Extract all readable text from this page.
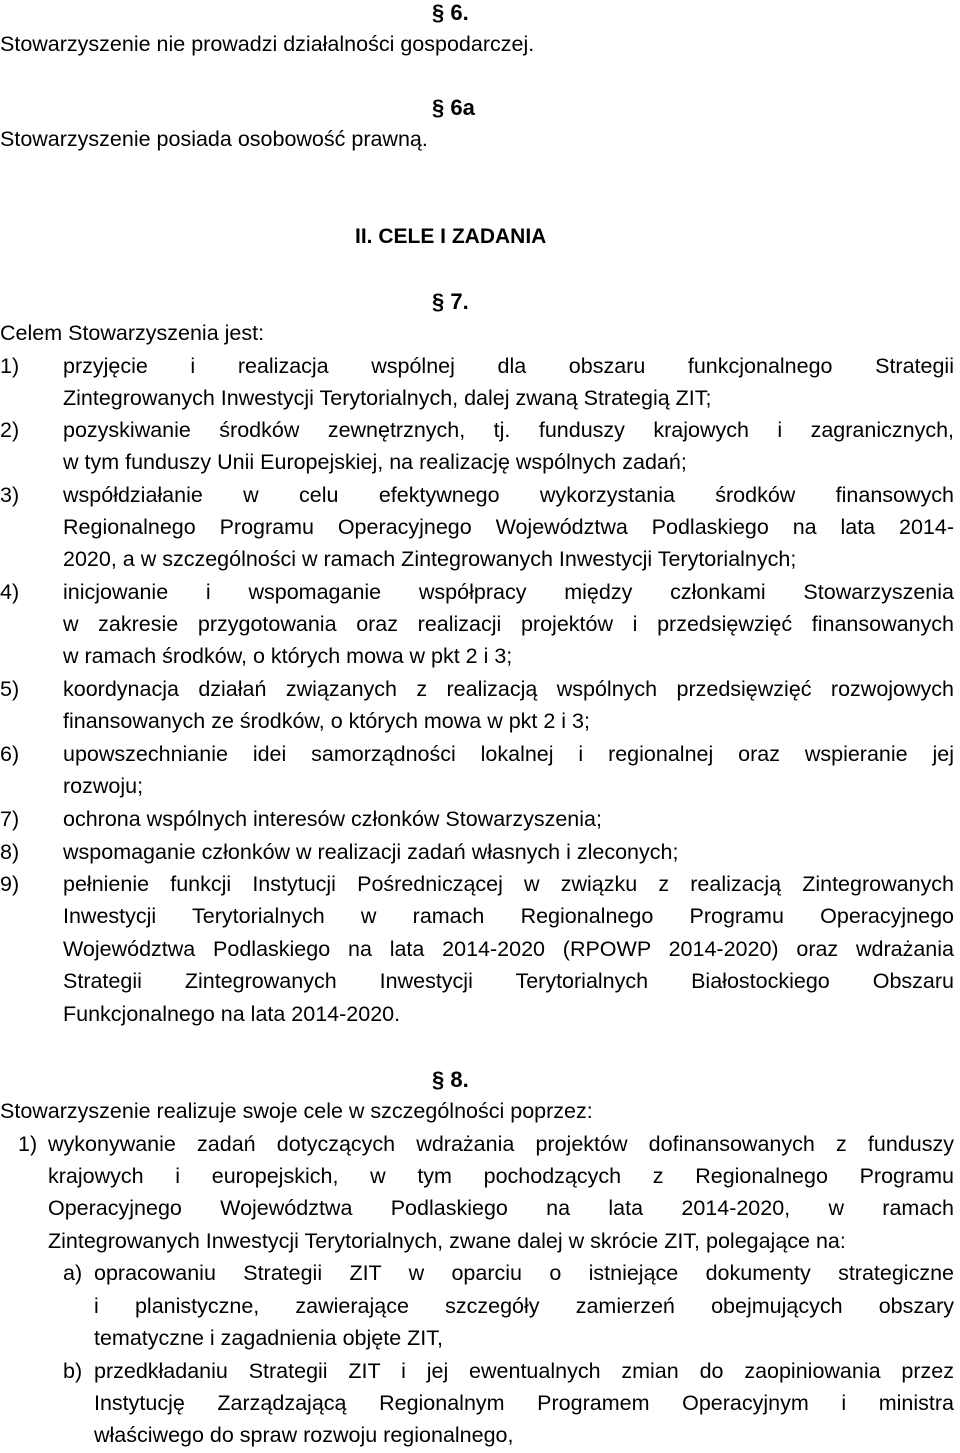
§ 6.
Stowarzyszenie nie prowadzi działalności gospodarczej.
§ 6a
Stowarzyszenie posiada osobowość prawną.
II. CELE I ZADANIA
§ 7.
Celem Stowarzyszenia jest:
1) przyjęcie i realizacja wspólnej dla obszaru funkcjonalnego Strategii
Zintegrowanych Inwestycji Terytorialnych, dalej zwaną Strategią ZIT;
2) pozyskiwanie środków zewnętrznych, tj. funduszy krajowych i zagranicznych,
w tym funduszy Unii Europejskiej, na realizację wspólnych zadań;
3) współdziałanie w celu efektywnego wykorzystania środków finansowych
Regionalnego Programu Operacyjnego Województwa Podlaskiego na lata 2014-
2020, a w szczególności w ramach Zintegrowanych Inwestycji Terytorialnych;
4) inicjowanie i wspomaganie współpracy między członkami Stowarzyszenia
w zakresie przygotowania oraz realizacji projektów i przedsięwzięć finansowanych
w ramach środków, o których mowa w pkt 2 i 3;
5) koordynacja działań związanych z realizacją wspólnych przedsięwzięć rozwojowych
finansowanych ze środków, o których mowa w pkt 2 i 3;
6) upowszechnianie idei samorządności lokalnej i regionalnej oraz wspieranie jej
rozwoju;
7) ochrona wspólnych interesów członków Stowarzyszenia;
8) wspomaganie członków w realizacji zadań własnych i zleconych;
9) pełnienie funkcji Instytucji Pośredniczącej w związku z realizacją Zintegrowanych
Inwestycji Terytorialnych w ramach Regionalnego Programu Operacyjnego
Województwa Podlaskiego na lata 2014-2020 (RPOWP 2014-2020) oraz wdrażania
Strategii Zintegrowanych Inwestycji Terytorialnych Białostockiego Obszaru
Funkcjonalnego na lata 2014-2020.
§ 8.
Stowarzyszenie realizuje swoje cele w szczególności poprzez:
1) wykonywanie zadań dotyczących wdrażania projektów dofinansowanych z funduszy
krajowych i europejskich, w tym pochodzących z Regionalnego Programu
Operacyjnego Województwa Podlaskiego na lata 2014-2020, w ramach
Zintegrowanych Inwestycji Terytorialnych, zwane dalej w skrócie ZIT, polegające na:
a) opracowaniu Strategii ZIT w oparciu o istniejące dokumenty strategiczne
i planistyczne, zawierające szczegóły zamierzeń obejmujących obszary
tematyczne i zagadnienia objęte ZIT,
b) przedkładaniu Strategii ZIT i jej ewentualnych zmian do zaopiniowania przez
Instytucję Zarządzającą Regionalnym Programem Operacyjnym i ministra
właściwego do spraw rozwoju regionalnego,
